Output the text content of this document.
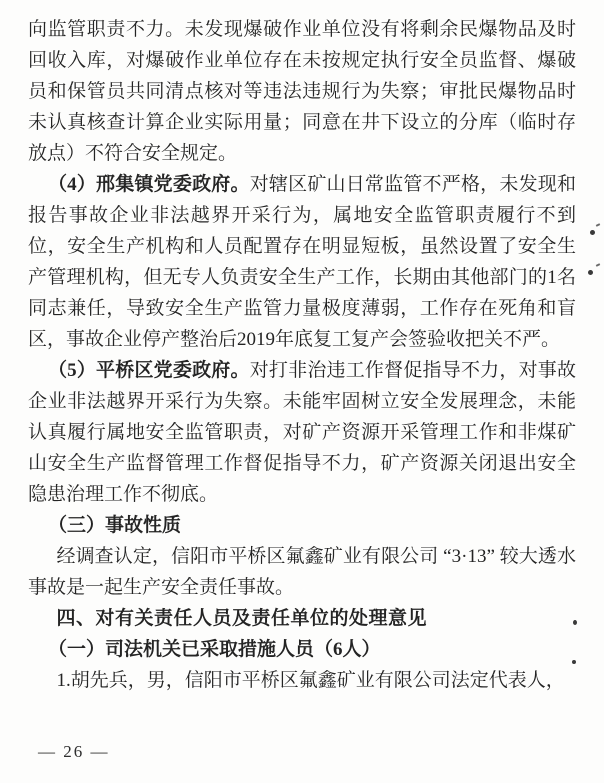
向监管职责不力。未发现爆破作业单位没有将剩余民爆物品及时回收入库，对爆破作业单位存在未按规定执行安全员监督、爆破员和保管员共同清点核对等违法违规行为失察；审批民爆物品时未认真核查计算企业实际用量；同意在井下设立的分库（临时存放点）不符合安全规定。

（4）邢集镇党委政府。对辖区矿山日常监管不严格，未发现和报告事故企业非法越界开采行为，属地安全监管职责履行不到位，安全生产机构和人员配置存在明显短板，虽然设置了安全生产管理机构，但无专人负责安全生产工作，长期由其他部门的1名同志兼任，导致安全生产监管力量极度薄弱，工作存在死角和盲区，事故企业停产整治后2019年底复工复产会签验收把关不严。

（5）平桥区党委政府。对打非治违工作督促指导不力，对事故企业非法越界开采行为失察。未能牢固树立安全发展理念，未能认真履行属地安全监管职责，对矿产资源开采管理工作和非煤矿山安全生产监督管理工作督促指导不力，矿产资源关闭退出安全隐患治理工作不彻底。

（三）事故性质

经调查认定，信阳市平桥区氟鑫矿业有限公司 “3·13” 较大透水事故是一起生产安全责任事故。

四、对有关责任人员及责任单位的处理意见

（一）司法机关已采取措施人员（6人）

1.胡先兵，男，信阳市平桥区氟鑫矿业有限公司法定代表人，

— 26 —
